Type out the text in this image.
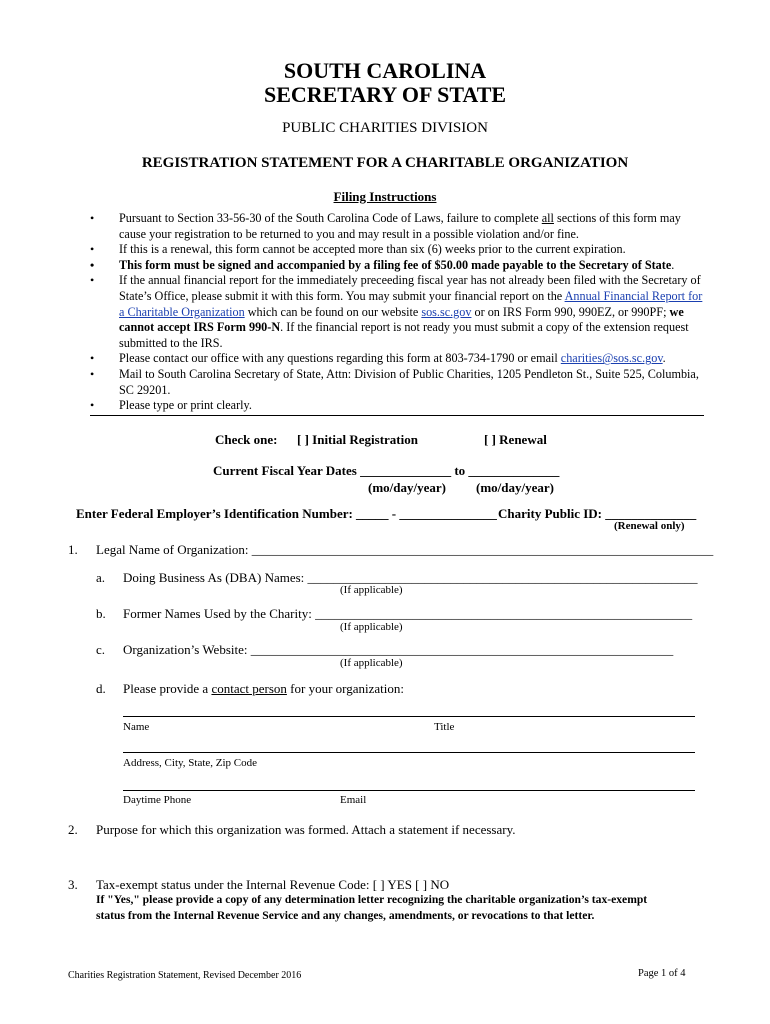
SOUTH CAROLINA
SECRETARY OF STATE
PUBLIC CHARITIES DIVISION
REGISTRATION STATEMENT FOR A CHARITABLE ORGANIZATION
Filing Instructions
• Pursuant to Section 33-56-30 of the South Carolina Code of Laws, failure to complete all sections of this form may cause your registration to be returned to you and may result in a possible violation and/or fine.
• If this is a renewal, this form cannot be accepted more than six (6) weeks prior to the current expiration.
• This form must be signed and accompanied by a filing fee of $50.00 made payable to the Secretary of State.
• If the annual financial report for the immediately preceeding fiscal year has not already been filed with the Secretary of State’s Office, please submit it with this form. You may submit your financial report on the Annual Financial Report for a Charitable Organization which can be found on our website sos.sc.gov or on IRS Form 990, 990EZ, or 990PF; we cannot accept IRS Form 990-N. If the financial report is not ready you must submit a copy of the extension request submitted to the IRS.
• Please contact our office with any questions regarding this form at 803-734-1790 or email charities@sos.sc.gov.
• Mail to South Carolina Secretary of State, Attn: Division of Public Charities, 1205 Pendleton St., Suite 525, Columbia, SC 29201.
• Please type or print clearly.
Check one: [ ] Initial Registration	[ ] Renewal
Current Fiscal Year Dates ______________ to ______________
(mo/day/year) (mo/day/year)
Enter Federal Employer’s Identification Number: _____ - _______________ Charity Public ID: ______________
(Renewal only)
1. Legal Name of Organization: _______________________________________________________________________
a. Doing Business As (DBA) Names: ____________________________________________________________
(If applicable)
b. Former Names Used by the Charity: __________________________________________________________
(If applicable)
c. Organization’s Website: _________________________________________________________________
(If applicable)
d. Please provide a contact person for your organization:
Name	Title
Address, City, State, Zip Code
Daytime Phone	Email
2. Purpose for which this organization was formed. Attach a statement if necessary.
3. Tax-exempt status under the Internal Revenue Code: [ ] YES [ ] NO
If "Yes," please provide a copy of any determination letter recognizing the charitable organization’s tax-exempt
status from the Internal Revenue Service and any changes, amendments, or revocations to that letter.
Charities Registration Statement, Revised December 2016	Page 1 of 4
